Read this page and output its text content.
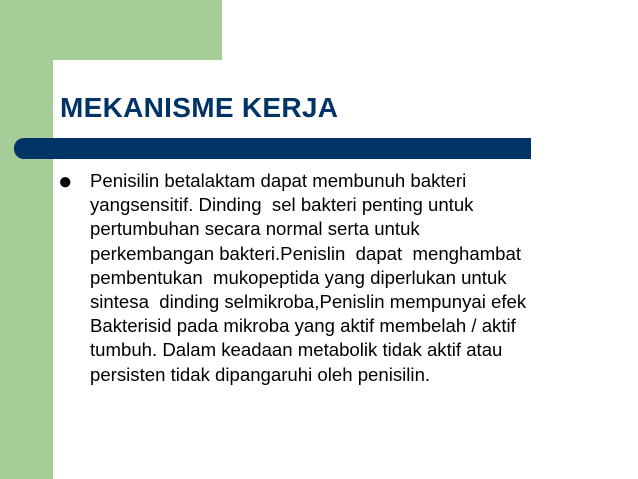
MEKANISME KERJA
● Penisilin betalaktam dapat membunuh bakteri
yangsensitif. Dinding  sel bakteri penting untuk
pertumbuhan secara normal serta untuk
perkembangan bakteri.Penislin  dapat  menghambat
pembentukan  mukopeptida yang diperlukan untuk
sintesa  dinding selmikroba,Penislin mempunyai efek
Bakterisid pada mikroba yang aktif membelah / aktif
tumbuh. Dalam keadaan metabolik tidak aktif atau
persisten tidak dipangaruhi oleh penisilin.
